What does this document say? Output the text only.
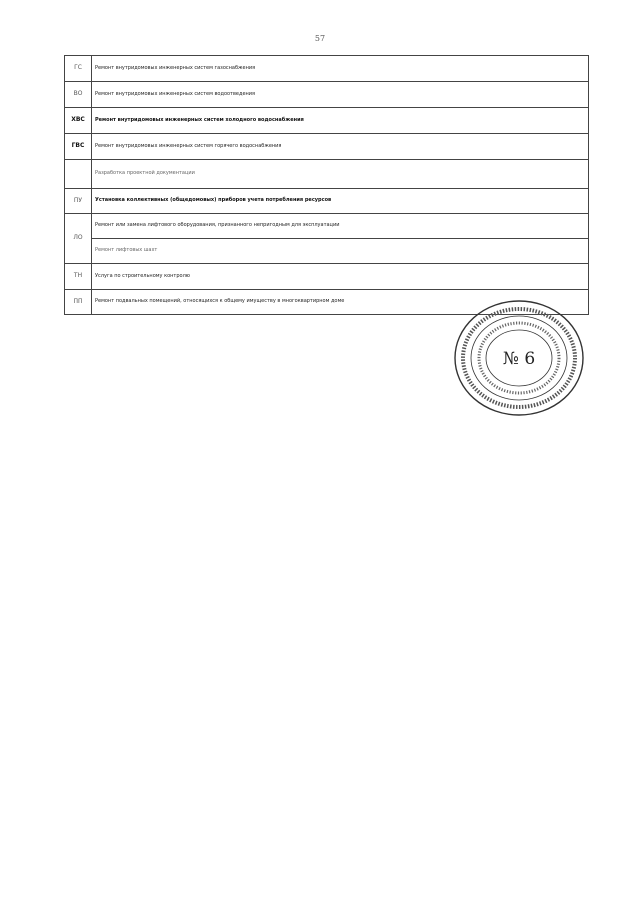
57
ГС	Ремонт внутридомовых инженерных систем газоснабжения
ВО	Ремонт внутридомовых инженерных систем водоотведения
ХВС	Ремонт внутридомовых инженерных систем холодного водоснабжения
ГВС	Ремонт внутридомовых инженерных систем горячего водоснабжения
	Разработка проектной документации
ПУ	Установка коллективных (общедомовых) приборов учета потребления ресурсов
ЛО	Ремонт или замена лифтового оборудования, признанного непригодным для эксплуатации
	Ремонт лифтовых шахт
ТН	Услуга по строительному контролю
ПП	Ремонт подвальных помещений, относящихся к общему имуществу в многоквартирном доме
№ 6
